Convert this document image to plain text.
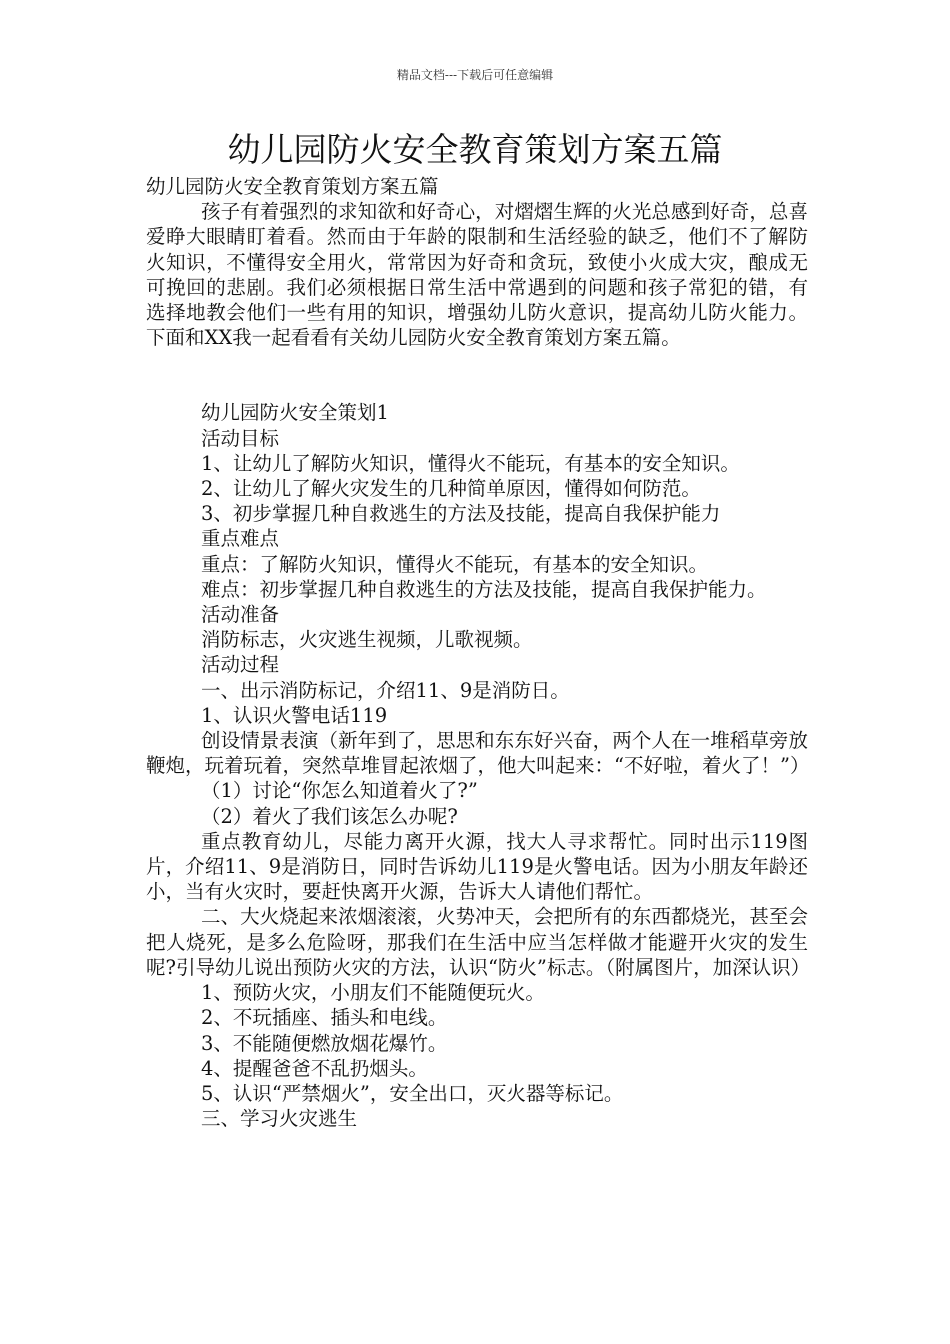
精品文档---下载后可任意编辑
幼儿园防火安全教育策划方案五篇

幼儿园防火安全教育策划方案五篇

孩子有着强烈的求知欲和好奇心，对熠熠生辉的火光总感到好奇，总喜爱睁大眼睛盯着看。然而由于年龄的限制和生活经验的缺乏，他们不了解防火知识，不懂得安全用火，常常因为好奇和贪玩，致使小火成大灾，酿成无可挽回的悲剧。我们必须根据日常生活中常遇到的问题和孩子常犯的错，有选择地教会他们一些有用的知识，增强幼儿防火意识，提高幼儿防火能力。下面和XX我一起看看有关幼儿园防火安全教育策划方案五篇。

幼儿园防火安全策划1

活动目标

1、让幼儿了解防火知识，懂得火不能玩，有基本的安全知识。

2、让幼儿了解火灾发生的几种简单原因，懂得如何防范。

3、初步掌握几种自救逃生的方法及技能，提高自我保护能力

重点难点

重点：了解防火知识，懂得火不能玩，有基本的安全知识。

难点：初步掌握几种自救逃生的方法及技能，提高自我保护能力。

活动准备

消防标志，火灾逃生视频，儿歌视频。

活动过程

一、出示消防标记，介绍11、9是消防日。

1、认识火警电话119

创设情景表演（新年到了，思思和东东好兴奋，两个人在一堆稻草旁放鞭炮，玩着玩着，突然草堆冒起浓烟了，他大叫起来：“不好啦，着火了！”）

（1）讨论“你怎么知道着火了?”

（2）着火了我们该怎么办呢?

重点教育幼儿，尽能力离开火源，找大人寻求帮忙。同时出示119图片，介绍11、9是消防日，同时告诉幼儿119是火警电话。因为小朋友年龄还小，当有火灾时，要赶快离开火源，告诉大人请他们帮忙。

二、大火烧起来浓烟滚滚，火势冲天，会把所有的东西都烧光，甚至会把人烧死，是多么危险呀，那我们在生活中应当怎样做才能避开火灾的发生呢?引导幼儿说出预防火灾的方法，认识“防火”标志。（附属图片，加深认识）

1、预防火灾，小朋友们不能随便玩火。

2、不玩插座、插头和电线。

3、不能随便燃放烟花爆竹。

4、提醒爸爸不乱扔烟头。

5、认识“严禁烟火”，安全出口，灭火器等标记。

三、学习火灾逃生
